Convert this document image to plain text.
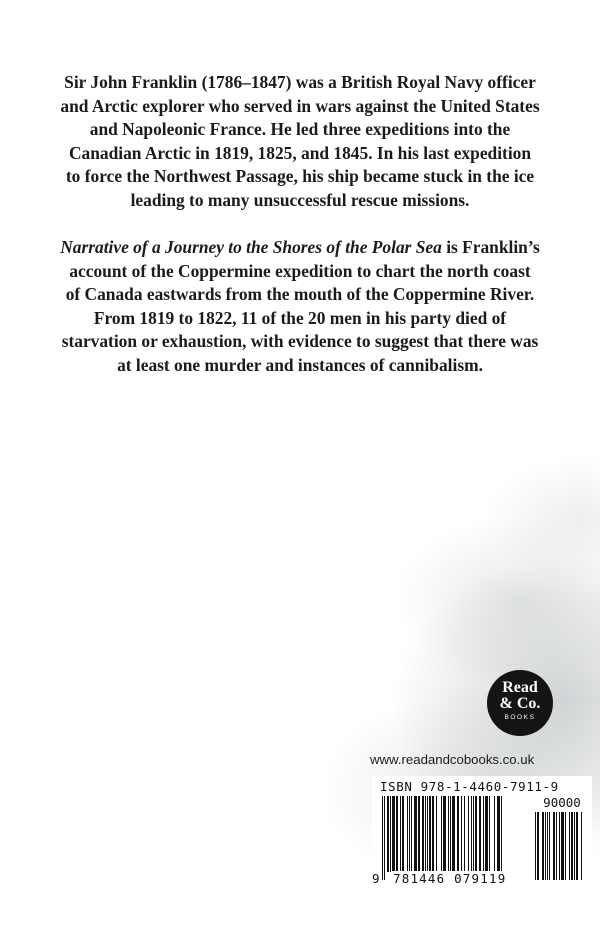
Sir John Franklin (1786–1847) was a British Royal Navy officer and Arctic explorer who served in wars against the United States and Napoleonic France. He led three expeditions into the Canadian Arctic in 1819, 1825, and 1845. In his last expedition to force the Northwest Passage, his ship became stuck in the ice leading to many unsuccessful rescue missions.

Narrative of a Journey to the Shores of the Polar Sea is Franklin’s account of the Coppermine expedition to chart the north coast of Canada eastwards from the mouth of the Coppermine River. From 1819 to 1822, 11 of the 20 men in his party died of starvation or exhaustion, with evidence to suggest that there was at least one murder and instances of cannibalism.

Read
& Co.
BOOKS
www.readandcobooks.co.uk
ISBN 978-1-4460-7911-9
90000
9 781446 079119
